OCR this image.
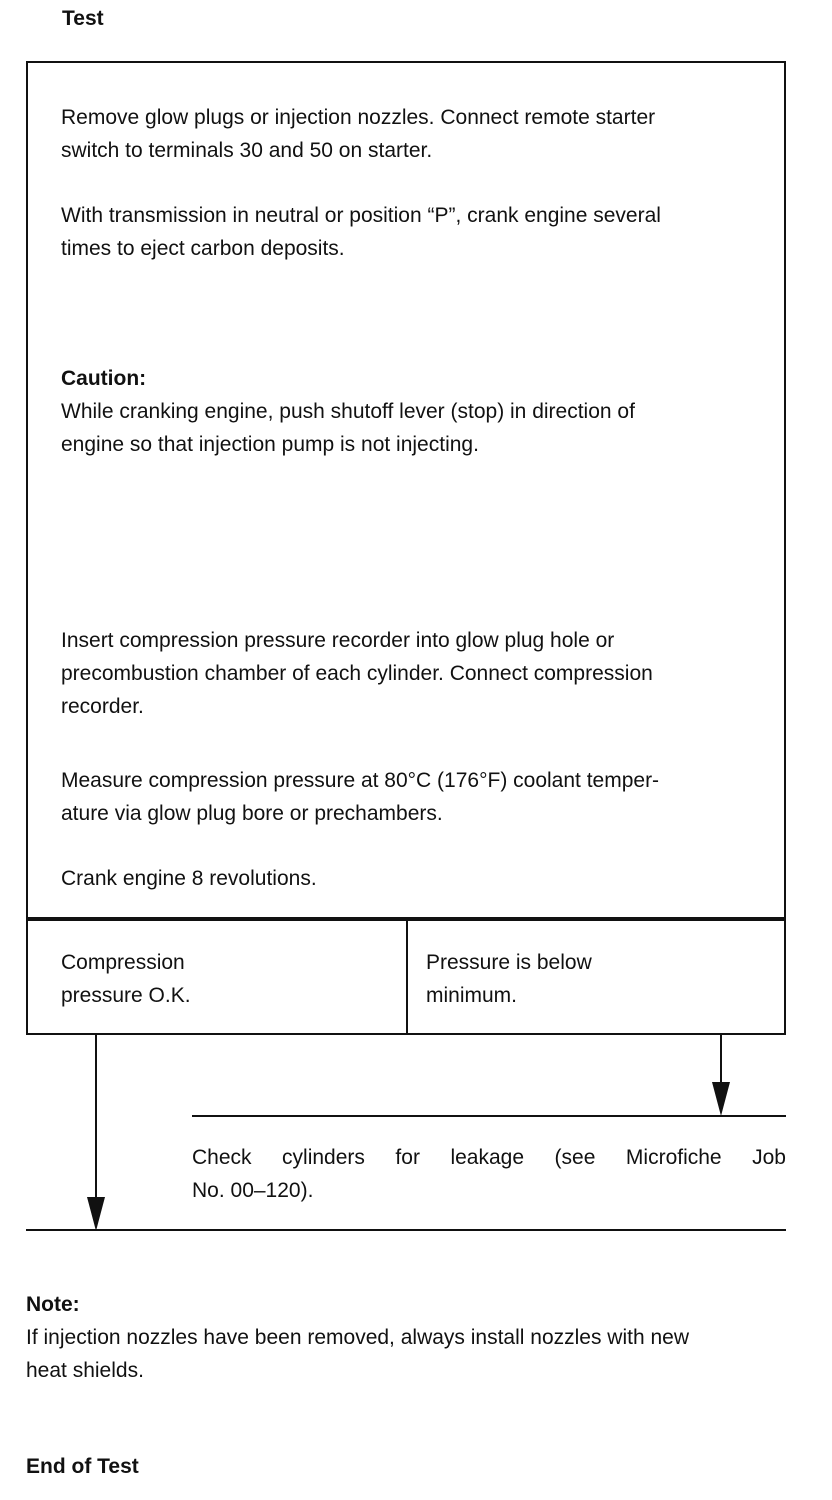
Test

Remove glow plugs or injection nozzles. Connect remote starter

switch to terminals 30 and 50 on starter.

With transmission in neutral or position “P”, crank engine several

times to eject carbon deposits.

Caution:

While cranking engine, push shutoff lever (stop) in direction of

engine so that injection pump is not injecting.

Insert compression pressure recorder into glow plug hole or

precombustion chamber of each cylinder. Connect compression

recorder.

Measure compression pressure at 80°C (176°F) coolant temper-

ature via glow plug bore or prechambers.

Crank engine 8 revolutions.

Compression

pressure O.K.

Pressure is below

minimum.

Check cylinders for leakage (see Microfiche Job
No. 00–120).

Note:

If injection nozzles have been removed, always install nozzles with new

heat shields.

End of Test
